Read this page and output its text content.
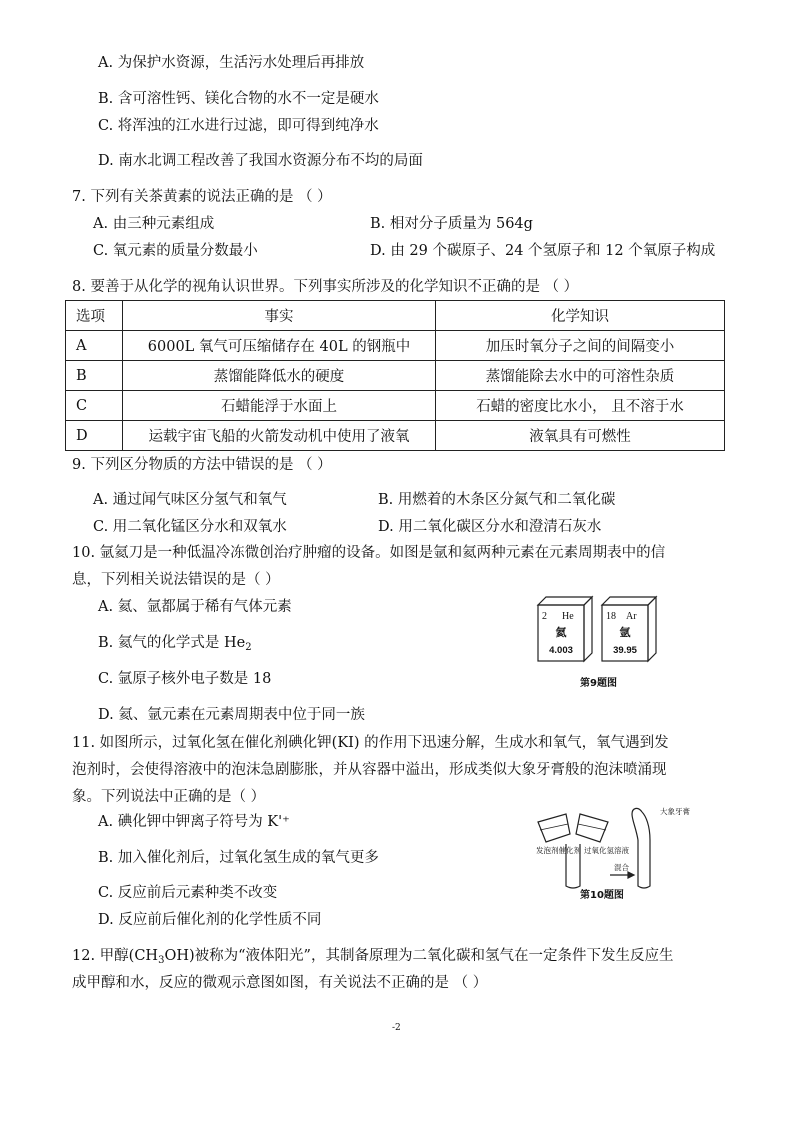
A. 为保护水资源，生活污水处理后再排放
B. 含可溶性钙、镁化合物的水不一定是硬水
C. 将浑浊的江水进行过滤，即可得到纯净水
D. 南水北调工程改善了我国水资源分布不均的局面
7. 下列有关茶黄素的说法正确的是 （ ）
A. 由三种元素组成	B. 相对分子质量为 564g
C. 氧元素的质量分数最小	D. 由 29 个碳原子、24 个氢原子和 12 个氧原子构成
8. 要善于从化学的视角认识世界。下列事实所涉及的化学知识不正确的是 （ ）
选项	事实	化学知识
A	6000L 氧气可压缩储存在 40L 的钢瓶中	加压时氧分子之间的间隔变小
B	蒸馏能降低水的硬度	蒸馏能除去水中的可溶性杂质
C	石蜡能浮于水面上	石蜡的密度比水小， 且不溶于水
D	运载宇宙飞船的火箭发动机中使用了液氧	液氧具有可燃性
9. 下列区分物质的方法中错误的是 （ ）
A. 通过闻气味区分氢气和氧气	B. 用燃着的木条区分氮气和二氧化碳
C. 用二氧化锰区分水和双氧水	D. 用二氧化碳区分水和澄清石灰水
10. 氩氦刀是一种低温冷冻微创治疗肿瘤的设备。如图是氩和氦两种元素在元素周期表中的信
息，下列相关说法错误的是（ ）
A. 氦、氩都属于稀有气体元素
B. 氦气的化学式是 $He_2$
C. 氩原子核外电子数是 18
D. 氦、氩元素在元素周期表中位于同一族
2 He	18 Ar
氦	氩
4.003	39.95
第9题图
11. 如图所示，过氧化氢在催化剂碘化钾(KI) 的作用下迅速分解，生成水和氧气，氧气遇到发
泡剂时，会使得溶液中的泡沫急剧膨胀，并从容器中溢出，形成类似大象牙膏般的泡沫喷涌现
象。下列说法中正确的是（ ）
A. 碘化钾中钾离子符号为 K'⁺
B. 加入催化剂后，过氧化氢生成的氧气更多
C. 反应前后元素种类不改变
D. 反应前后催化剂的化学性质不同
发泡剂催化剂 过氧化氢溶液
混合
大象牙膏
第10题图
12. 甲醇$(CH_3OH)$被称为“液体阳光”，其制备原理为二氧化碳和氢气在一定条件下发生反应生
成甲醇和水，反应的微观示意图如图，有关说法不正确的是 （ ）
-2
